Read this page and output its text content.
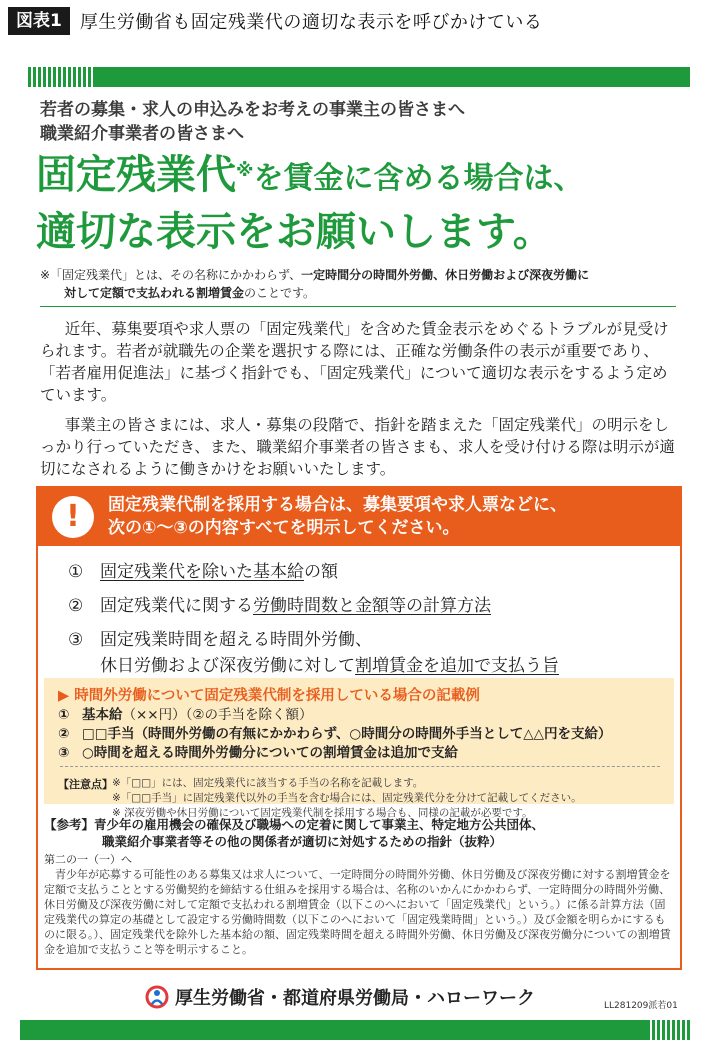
図表1	厚生労働省も固定残業代の適切な表示を呼びかけている
若者の募集・求人の申込みをお考えの事業主の皆さまへ
職業紹介事業者の皆さまへ
固定残業代※を賃金に含める場合は、
適切な表示をお願いします。
※「固定残業代」とは、その名称にかかわらず、一定時間分の時間外労働、休日労働および深夜労働に
対して定額で支払われる割増賃金のことです。

近年、募集要項や求人票の「固定残業代」を含めた賃金表示をめぐるトラブルが見受けられます。若者が就職先の企業を選択する際には、正確な労働条件の表示が重要であり、「若者雇用促進法」に基づく指針でも、「固定残業代」について適切な表示をするよう定めています。

事業主の皆さまには、求人・募集の段階で、指針を踏まえた「固定残業代」の明示をしっかり行っていただき、また、職業紹介事業者の皆さまも、求人を受け付ける際は明示が適切になされるように働きかけをお願いいたします。

!	固定残業代制を採用する場合は、募集要項や求人票などに、
次の①～③の内容すべてを明示してください。
① 固定残業代を除いた基本給の額
② 固定残業代に関する労働時間数と金額等の計算方法
③ 固定残業時間を超える時間外労働、
休日労働および深夜労働に対して割増賃金を追加で支払う旨
▶ 時間外労働について固定残業代制を採用している場合の記載例
① 基本給（××円）（②の手当を除く額）
② □□手当（時間外労働の有無にかかわらず、○時間分の時間外手当として△△円を支給）
③ ○時間を超える時間外労働分についての割増賃金は追加で支給
【注意点】 ※「□□」には、固定残業代に該当する手当の名称を記載します。
※「□□手当」に固定残業代以外の手当を含む場合には、固定残業代分を分けて記載してください。
※ 深夜労働や休日労働について固定残業代制を採用する場合も、同様の記載が必要です。
【参考】青少年の雇用機会の確保及び職場への定着に関して事業主、特定地方公共団体、
職業紹介事業者等その他の関係者が適切に対処するための指針（抜粋）
第二の一（一）へ
青少年が応募する可能性のある募集又は求人について、一定時間分の時間外労働、休日労働及び深夜労働に対する割増賃金を定額で支払うこととする労働契約を締結する仕組みを採用する場合は、名称のいかんにかかわらず、一定時間分の時間外労働、休日労働及び深夜労働に対して定額で支払われる割増賃金（以下このへにおいて「固定残業代」という。）に係る計算方法（固定残業代の算定の基礎として設定する労働時間数（以下このへにおいて「固定残業時間」という。）及び金額を明らかにするものに限る。）、固定残業代を除外した基本給の額、固定残業時間を超える時間外労働、休日労働及び深夜労働分についての割増賃金を追加で支払うこと等を明示すること。
厚生労働省・都道府県労働局・ハローワーク	LL281209派若01
